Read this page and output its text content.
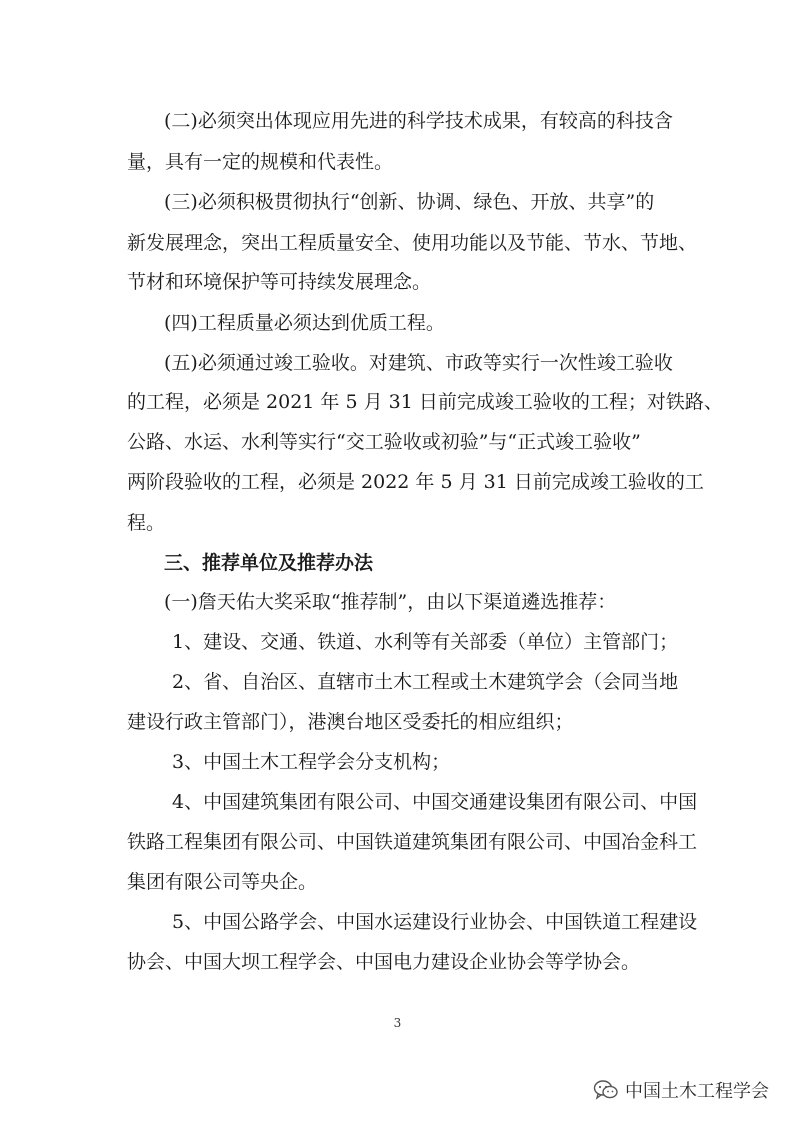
(二)必须突出体现应用先进的科学技术成果，有较高的科技含
量，具有一定的规模和代表性。
(三)必须积极贯彻执行“创新、协调、绿色、开放、共享”的
新发展理念，突出工程质量安全、使用功能以及节能、节水、节地、
节材和环境保护等可持续发展理念。
(四)工程质量必须达到优质工程。
(五)必须通过竣工验收。对建筑、市政等实行一次性竣工验收
的工程，必须是 2021 年 5 月 31 日前完成竣工验收的工程；对铁路、
公路、水运、水利等实行“交工验收或初验”与“正式竣工验收”
两阶段验收的工程，必须是 2022 年 5 月 31 日前完成竣工验收的工
程。
三、推荐单位及推荐办法
(一)詹天佑大奖采取“推荐制”，由以下渠道遴选推荐：
1、建设、交通、铁道、水利等有关部委（单位）主管部门；
2、省、自治区、直辖市土木工程或土木建筑学会（会同当地
建设行政主管部门），港澳台地区受委托的相应组织；
3、中国土木工程学会分支机构；
4、中国建筑集团有限公司、中国交通建设集团有限公司、中国
铁路工程集团有限公司、中国铁道建筑集团有限公司、中国冶金科工
集团有限公司等央企。
5、中国公路学会、中国水运建设行业协会、中国铁道工程建设
协会、中国大坝工程学会、中国电力建设企业协会等学协会。
3
中国土木工程学会
